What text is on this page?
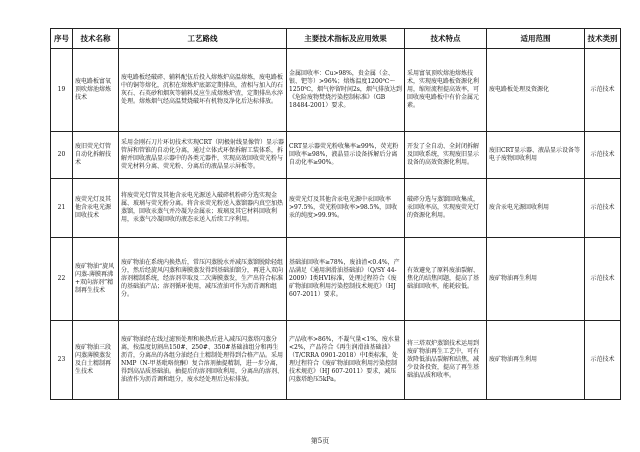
序号	技术名称	工艺路线	主要技术指标及应用效果	技术特点	适用范围	技术类别
19	废电路板富氧顶吹熔池熔炼技术	废电路板经破碎、辅料配伍后投入熔炼炉高温熔炼，废电路板中的铜等熔化，沉积在熔炼炉底部定期排出，渣相与加入的石灰石、石英砂和烟灰等辅料反应生成熔炼炉渣，定期排出水淬处理。熔炼烟气经高温焚烧破坏有机物及净化后达标排放。	金属回收率：Cu>98%，贵金属（金、银、钯等）>96%；熔炼温度1200℃～1250℃，烟气停留时间2s，烟气排放达到《危险废物焚烧污染控制标准》（GB 18484-2001）要求。	采用富氧顶吹熔池熔炼技术，实现废电路板资源化利用，缩短流程提高效率，可回收废电路板中有价金属元素。	废电路板处理及资源化	示范技术
20	废旧荧光灯管自动化拆解技术	采用金刚石刀片环切技术实现CRT（阴极射线显像管）显示器管屏和管锥的自动化分离，通过立体式环保拆解工装体系，拆解并回收液晶显示器中的各类元器件，实现高效回收荧光粉与荧光材料分离、荧光粉、分离后的液晶显示屏板等。	CRT显示器荧光粉收集率≥99%，荧光粉回收率≥98%，液晶显示设备拆解后分离自动化率≥90%。	开发了全自动、全封闭拆解及回收系统，实现废旧显示设备的高效资源化利用。	废旧CRT显示器、液晶显示设备等电子废物回收利用	示范技术
21	废荧光灯及其他含汞电光源回收技术	将废荧光灯管及其他含汞电光源送入破碎机粉碎分选实现金属、玻璃与荧光粉分离。将含汞荧光粉送入蒸馏器内真空加热蒸馏，回收汞蒸气并冷凝为金属汞；玻璃及其它材料回收利用，汞蒸气冷凝回收的液态汞送入后续工序利用。	废荧光灯及其他含汞电光源中汞回收率>97.5%，荧光粉回收率>98.5%，回收汞的纯度>99.9%。	破碎分选与蒸馏回收集成，汞回收率高，实现废荧光灯的资源化利用。	废含汞电光源回收利用	示范技术
22	废矿物油“旋风闪蒸-薄膜再沸+双向溶剂”精制再生技术	废矿物油在系统内换热后，常压闪蒸脱水并减压蒸馏脱除轻组分，然后经旋风闪蒸和薄膜蒸发得到基础油馏分，再进入双向溶剂精制系统，经溶剂萃取及二次薄膜蒸发，生产出符合标准的基础油产品；溶剂循环使用，减压渣油可作为沥青调和组分。	基础油回收率≥78%，废油渣<0.4%，产品满足《通用润滑油基础油》（Q/SY 44-2009）I类HVI标准，处理过程符合《废矿物油回收利用污染控制技术规范》（HJ 607-2011）要求。	有效避免了原料废油裂解、焦化的结焦问题，提高了基础油回收率，能耗较低。	废矿物油再生利用	示范技术
23	废矿物油三段闪蒸薄膜蒸发及白土精制再生技术	废矿物油经在线过滤预处理和换热后进入减压闪蒸塔闪蒸分离，按温度切割出150#、250#、350#基础油组分和再生沥青，分离出的各组分油经白土精制处理得到合格产品。采用NMP（N-甲基吡咯烷酮）复合溶剂抽提精制，进一步分离，得到高品质基础油。抽提后的溶剂回收利用，分离出的溶剂、油渣作为沥青调和组分，废水经处理后达标排放。	产品收率>86%，不凝气量<1%，废水量<2%，产品符合《再生润滑油基础油》（T/CRRA 0901-2018）中I类标准，处理过程符合《废矿物油回收利用污染控制技术规范》（HJ 607-2011）要求，减压闪蒸塔绝压5kPa。	将三塔双炉蒸馏技术运用到废矿物油再生工艺中，可有效降低油品裂解和结焦，减少设备投资，提高了再生基础油品质和收率。	废矿物油再生利用	示范技术
第5页
